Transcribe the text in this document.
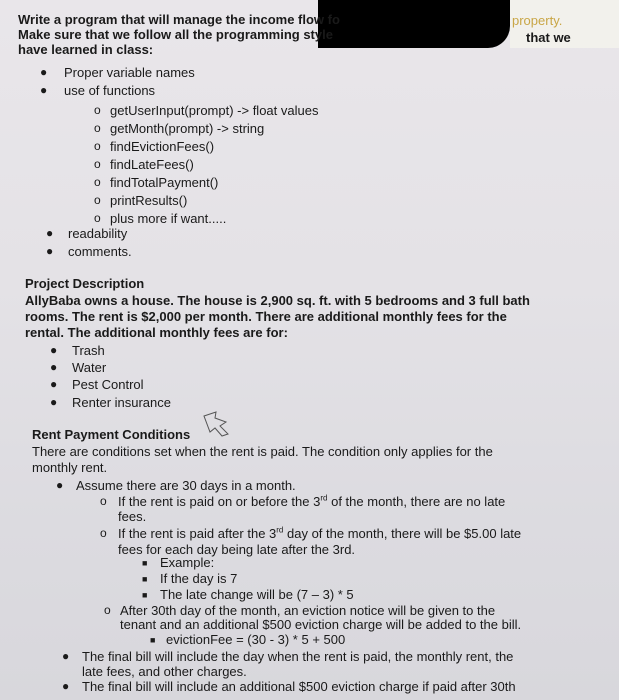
property.
that we
Write a program that will manage the income flow fo
Make sure that we follow all the programming style
have learned in class:
● Proper variable names
● use of functions
o getUserInput(prompt) -> float values
o getMonth(prompt) -> string
o findEvictionFees()
o findLateFees()
o findTotalPayment()
o printResults()
o plus more if want.....
● readability
● comments.
Project Description
AllyBaba owns a house. The house is 2,900 sq. ft. with 5 bedrooms and 3 full bath
rooms. The rent is $2,000 per month. There are additional monthly fees for the
rental. The additional monthly fees are for:
● Trash
● Water
● Pest Control
● Renter insurance
Rent Payment Conditions
There are conditions set when the rent is paid. The condition only applies for the
monthly rent.
● Assume there are 30 days in a month.
o If the rent is paid on or before the 3rd of the month, there are no late
fees.
o If the rent is paid after the 3rd day of the month, there will be $5.00 late
fees for each day being late after the 3rd.
■ Example:
■ If the day is 7
■ The late change will be (7 – 3) * 5
o After 30th day of the month, an eviction notice will be given to the
tenant and an additional $500 eviction charge will be added to the bill.
■ evictionFee = (30 - 3) * 5 + 500
● The final bill will include the day when the rent is paid, the monthly rent, the
late fees, and other charges.
● The final bill will include an additional $500 eviction charge if paid after 30th
